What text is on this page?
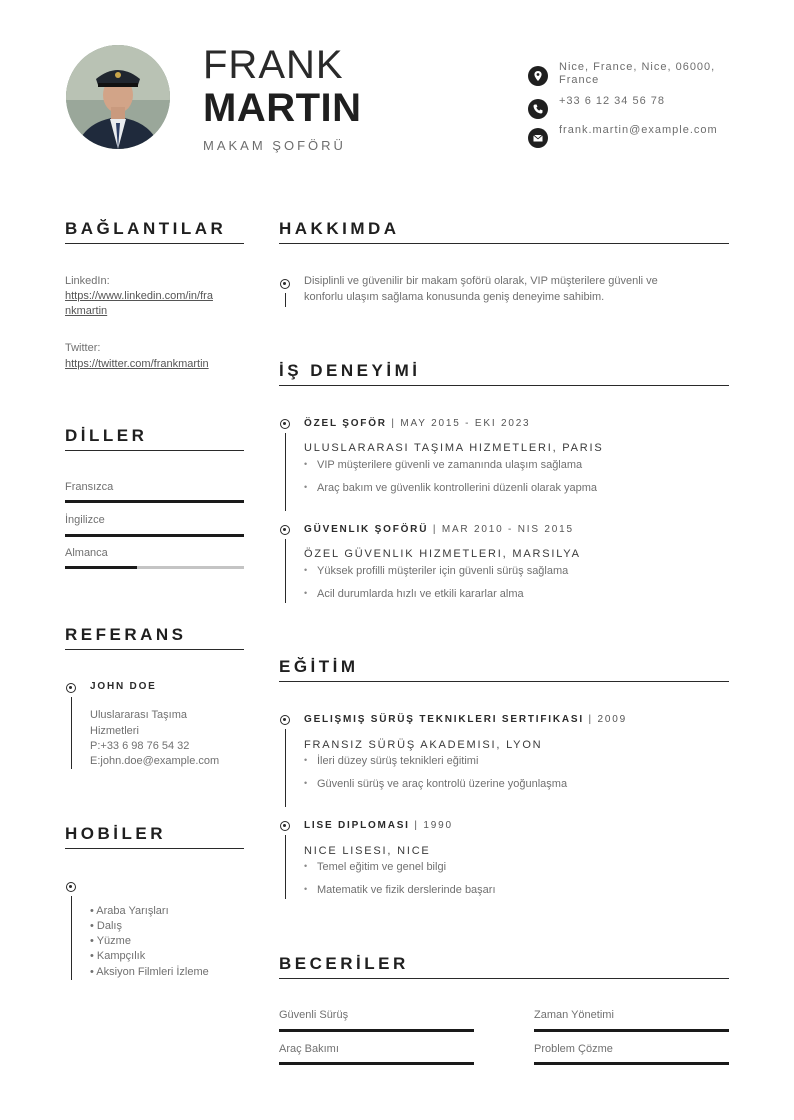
FRANK
MARTIN
MAKAM ŞOFÖRÜ
Nice, France, Nice, 06000, France
+33 6 12 34 56 78
frank.martin@example.com
BAĞLANTILAR
LinkedIn:
https://www.linkedin.com/in/fra
nkmartin
Twitter:
https://twitter.com/frankmartin
DİLLER
Fransızca
İngilizce
Almanca
REFERANS
JOHN DOE
Uluslararası Taşıma
Hizmetleri
P:+33 6 98 76 54 32
E:john.doe@example.com
HOBİLER
• Araba Yarışları
• Dalış
• Yüzme
• Kampçılık
• Aksiyon Filmleri İzleme
HAKKIMDA
Disiplinli ve güvenilir bir makam şoförü olarak, VIP müşterilere güvenli ve
konforlu ulaşım sağlama konusunda geniş deneyime sahibim.
İŞ DENEYİMİ
ÖZEL ŞOFÖR | MAY 2015 - EKI 2023
ULUSLARARASI TAŞIMA HIZMETLERI, PARIS
• VIP müşterilere güvenli ve zamanında ulaşım sağlama
• Araç bakım ve güvenlik kontrollerini düzenli olarak yapma
GÜVENLIK ŞOFÖRÜ | MAR 2010 - NIS 2015
ÖZEL GÜVENLIK HIZMETLERI, MARSILYA
• Yüksek profilli müşteriler için güvenli sürüş sağlama
• Acil durumlarda hızlı ve etkili kararlar alma
EĞİTİM
GELIŞMIŞ SÜRÜŞ TEKNIKLERI SERTIFIKASI | 2009
FRANSIZ SÜRÜŞ AKADEMISI, LYON
• İleri düzey sürüş teknikleri eğitimi
• Güvenli sürüş ve araç kontrolü üzerine yoğunlaşma
LISE DIPLOMASI | 1990
NICE LISESI, NICE
• Temel eğitim ve genel bilgi
• Matematik ve fizik derslerinde başarı
BECERİLER
Güvenli Sürüş	Zaman Yönetimi
Araç Bakımı	Problem Çözme
